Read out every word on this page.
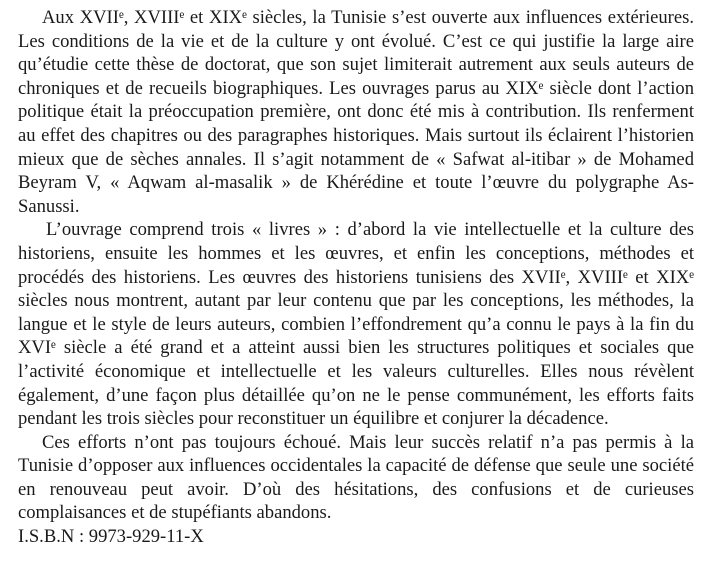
Aux XVIIᵉ, XVIIIᵉ et XIXᵉ siècles, la Tunisie s’est ouverte aux influences extérieures. Les conditions de la vie et de la culture y ont évolué. C’est ce qui justifie la large aire qu’étudie cette thèse de doctorat, que son sujet limiterait autrement aux seuls auteurs de chroniques et de recueils biographiques. Les ouvrages parus au XIXᵉ siècle dont l’action politique était la préoccupation première, ont donc été mis à contribution. Ils renferment au effet des chapitres ou des paragraphes historiques. Mais surtout ils éclairent l’historien mieux que de sèches annales. Il s’agit notamment de « Safwat al-itibar » de Mohamed Beyram V, « Aqwam al-masalik » de Khérédine et toute l’œuvre du polygraphe As-Sanussi.

L’ouvrage comprend trois « livres » : d’abord la vie intellectuelle et la culture des historiens, ensuite les hommes et les œuvres, et enfin les conceptions, méthodes et procédés des historiens. Les œuvres des historiens tunisiens des XVIIᵉ, XVIIIᵉ et XIXᵉ siècles nous montrent, autant par leur contenu que par les conceptions, les méthodes, la langue et le style de leurs auteurs, combien l’effondrement qu’a connu le pays à la fin du XVIᵉ siècle a été grand et a atteint aussi bien les structures politiques et sociales que l’activité économique et intellectuelle et les valeurs culturelles. Elles nous révèlent également, d’une façon plus détaillée qu’on ne le pense communément, les efforts faits pendant les trois siècles pour reconstituer un équilibre et conjurer la décadence.

Ces efforts n’ont pas toujours échoué. Mais leur succès relatif n’a pas permis à la Tunisie d’opposer aux influences occidentales la capacité de défense que seule une société en renouveau peut avoir. D’où des hésitations, des confusions et de curieuses complaisances et de stupéfiants abandons.

I.S.B.N : 9973-929-11-X
